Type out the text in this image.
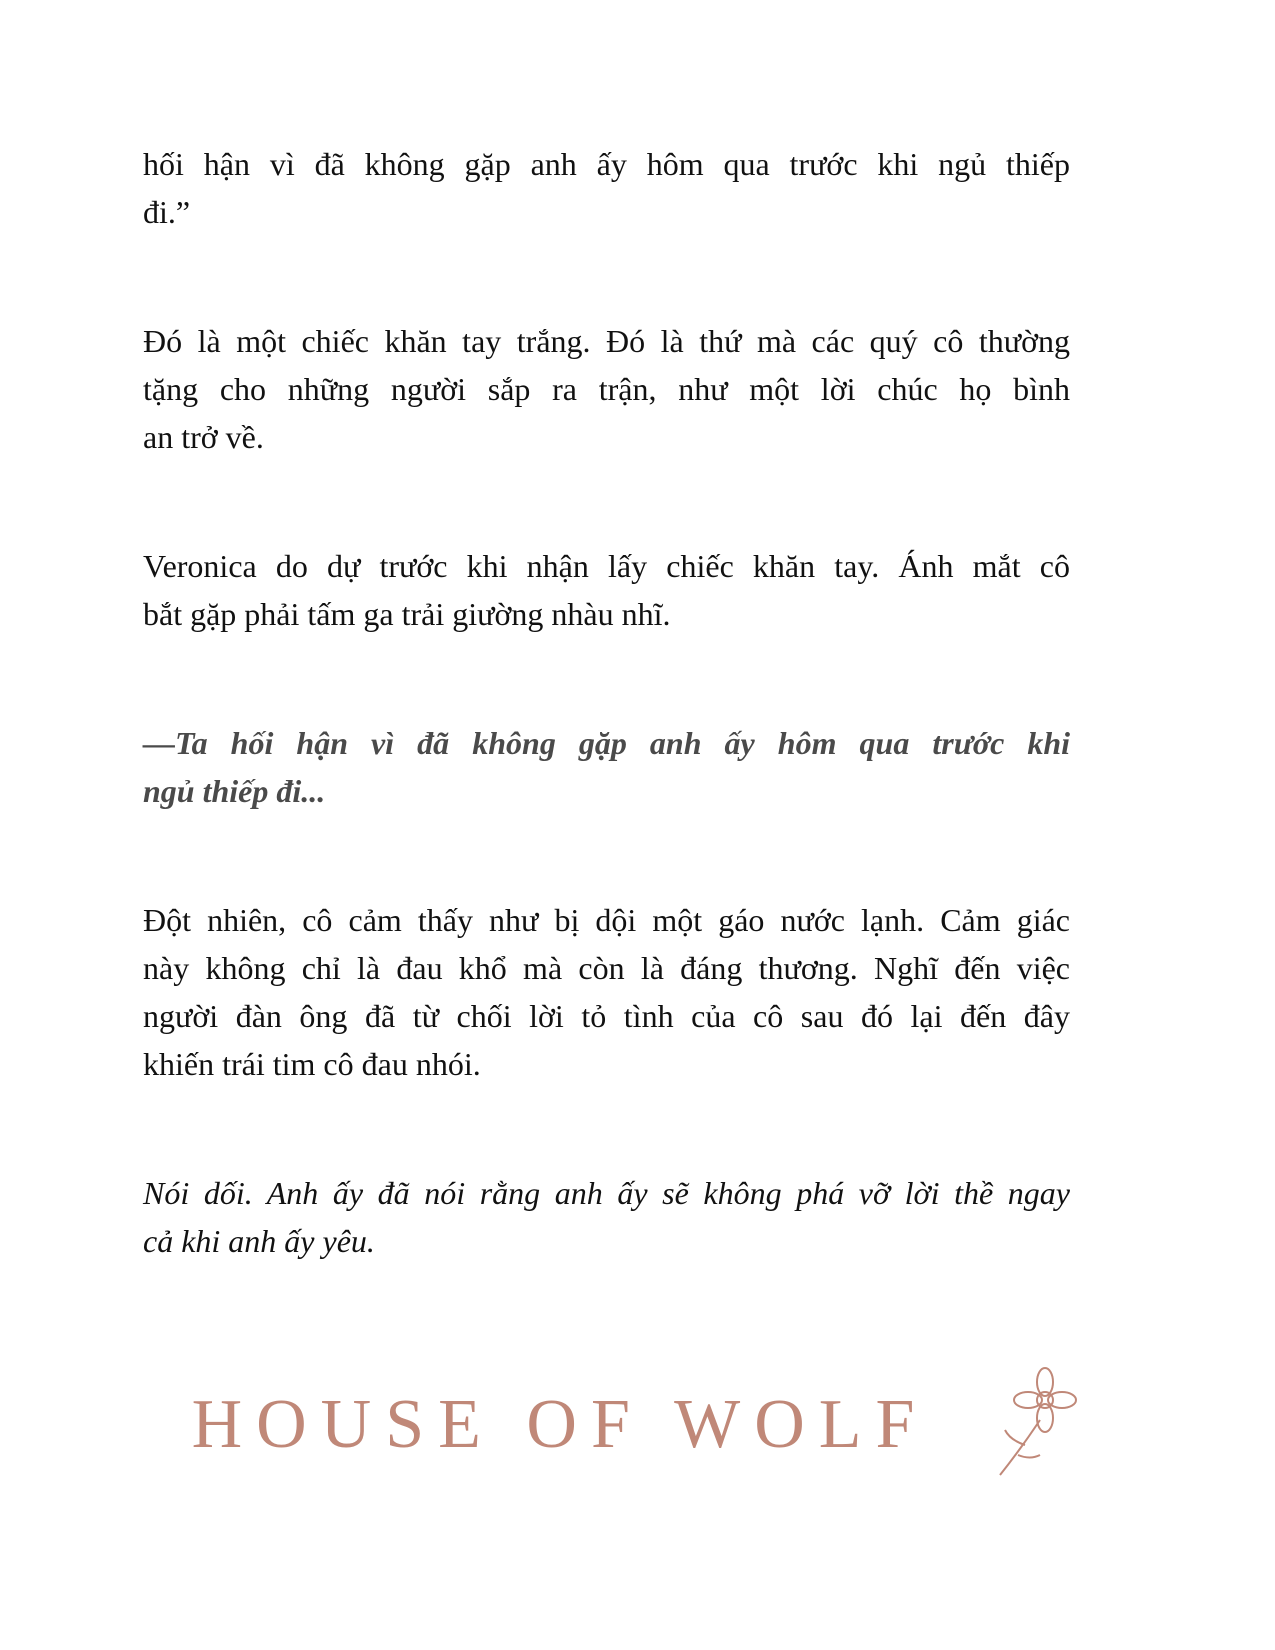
hối hận vì đã không gặp anh ấy hôm qua trước khi ngủ thiếp
đi.”
Đó là một chiếc khăn tay trắng. Đó là thứ mà các quý cô thường
tặng cho những người sắp ra trận, như một lời chúc họ bình
an trở về.
Veronica do dự trước khi nhận lấy chiếc khăn tay. Ánh mắt cô
bắt gặp phải tấm ga trải giường nhàu nhĩ.
—Ta hối hận vì đã không gặp anh ấy hôm qua trước khi
ngủ thiếp đi...
Đột nhiên, cô cảm thấy như bị dội một gáo nước lạnh. Cảm giác
này không chỉ là đau khổ mà còn là đáng thương. Nghĩ đến việc
người đàn ông đã từ chối lời tỏ tình của cô sau đó lại đến đây
khiến trái tim cô đau nhói.
Nói dối. Anh ấy đã nói rằng anh ấy sẽ không phá vỡ lời thề ngay
cả khi anh ấy yêu.
HOUSE OF WOLF
